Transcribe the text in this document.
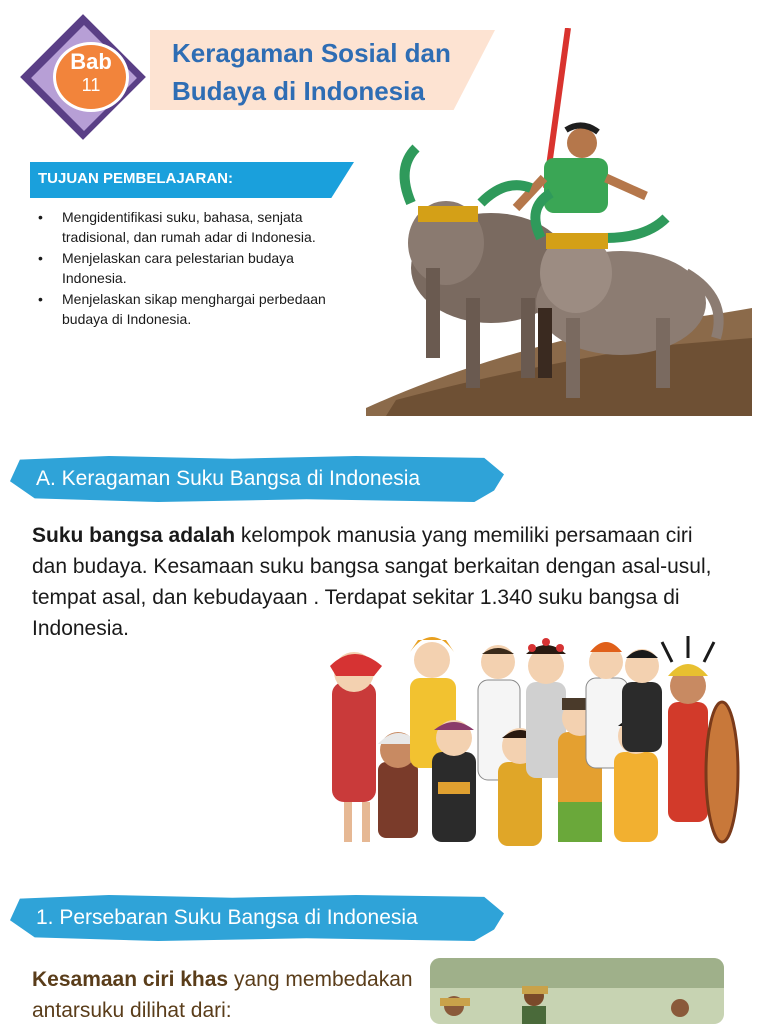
Bab
11
Keragaman Sosial dan
Budaya di Indonesia
TUJUAN PEMBELAJARAN:
• Mengidentifikasi suku, bahasa, senjata tradisional, dan rumah adar di Indonesia.
• Menjelaskan cara pelestarian budaya Indonesia.
• Menjelaskan sikap menghargai perbedaan budaya di Indonesia.
A. Keragaman Suku Bangsa di Indonesia
Suku bangsa adalah kelompok manusia yang memiliki persamaan ciri dan budaya. Kesamaan suku bangsa sangat berkaitan dengan asal-usul, tempat asal, dan kebudayaan . Terdapat sekitar 1.340 suku bangsa di Indonesia.
1. Persebaran Suku Bangsa di Indonesia
Kesamaan ciri khas yang membedakan antarsuku dilihat dari:
